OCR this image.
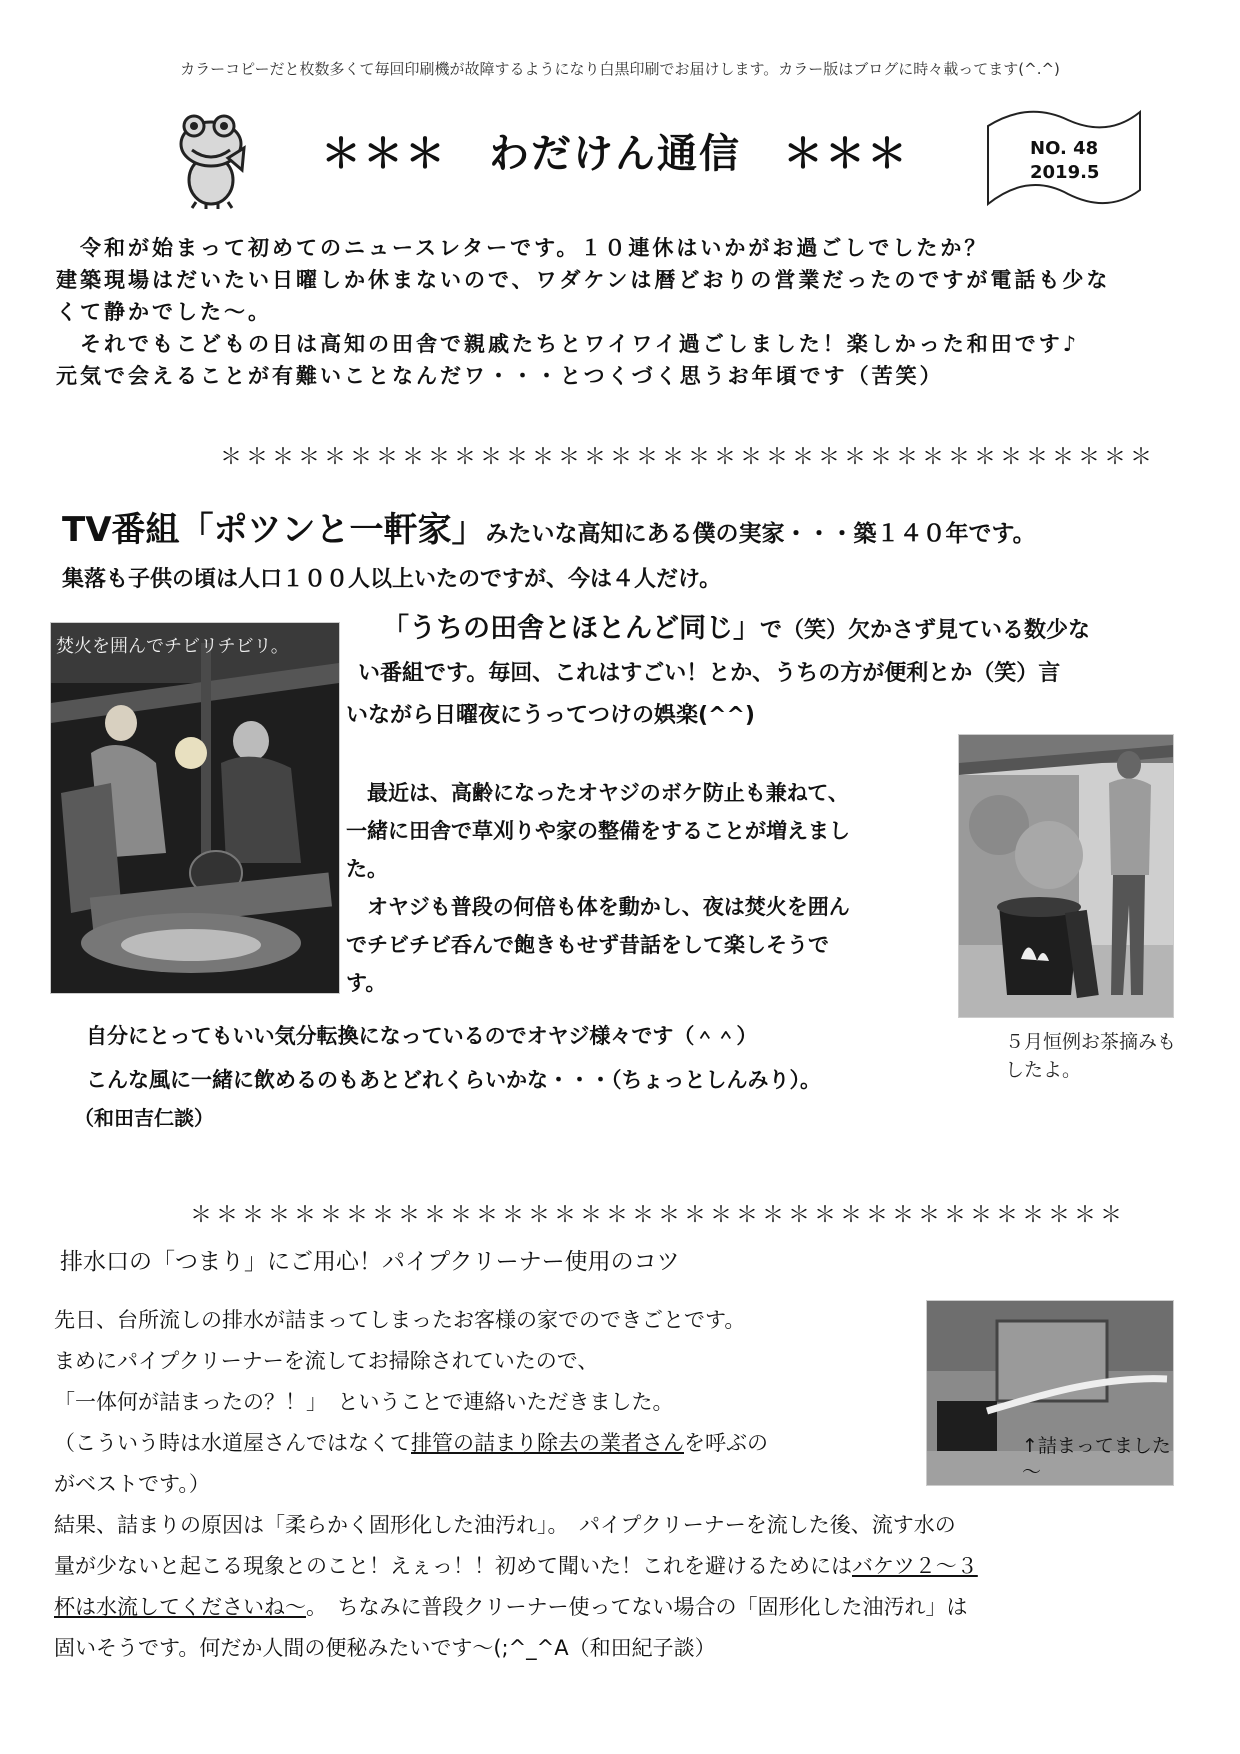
カラーコピーだと枚数多くて毎回印刷機が故障するようになり白黒印刷でお届けします。カラー版はブログに時々載ってます(^.^)
＊＊＊　わだけん通信　＊＊＊	NO. 48
2019.5
　令和が始まって初めてのニュースレターです。１０連休はいかがお過ごしでしたか？
建築現場はだいたい日曜しか休まないので、ワダケンは暦どおりの営業だったのですが電話も少な
くて静かでした～。
　それでもこどもの日は高知の田舎で親戚たちとワイワイ過ごしました！楽しかった和田です♪
元気で会えることが有難いことなんだワ・・・とつくづく思うお年頃です（苦笑）
＊＊＊＊＊＊＊＊＊＊＊＊＊＊＊＊＊＊＊＊＊＊＊＊＊＊＊＊＊＊＊＊＊＊＊＊
TV番組「ポツンと一軒家」みたいな高知にある僕の実家・・・築１４０年です。
集落も子供の頃は人口１００人以上いたのですが、今は４人だけ。
焚火を囲んでチビリチビリ。
「うちの田舎とほとんど同じ」で（笑）欠かさず見ている数少な
い番組です。毎回、これはすごい！とか、うちの方が便利とか（笑）言
いながら日曜夜にうってつけの娯楽(^^)
　最近は、高齢になったオヤジのボケ防止も兼ねて、
一緒に田舎で草刈りや家の整備をすることが増えまし
た。
　オヤジも普段の何倍も体を動かし、夜は焚火を囲ん
でチビチビ呑んで飽きもせず昔話をして楽しそうで
す。
自分にとってもいい気分転換になっているのでオヤジ様々です（＾＾）
こんな風に一緒に飲めるのもあとどれくらいかな・・・（ちょっとしんみり）。
（和田吉仁談）
５月恒例お茶摘みもしたよ。
＊＊＊＊＊＊＊＊＊＊＊＊＊＊＊＊＊＊＊＊＊＊＊＊＊＊＊＊＊＊＊＊＊＊＊＊
排水口の「つまり」にご用心！パイプクリーナー使用のコツ
先日、台所流しの排水が詰まってしまったお客様の家でのできごとです。
まめにパイプクリーナーを流してお掃除されていたので、
「一体何が詰まったの？！」　ということで連絡いただきました。
（こういう時は水道屋さんではなくて排管の詰まり除去の業者さんを呼ぶの
がベストです。）
結果、詰まりの原因は「柔らかく固形化した油汚れ」。　パイプクリーナーを流した後、流す水の
量が少ないと起こる現象とのこと！えぇっ！！初めて聞いた！これを避けるためにはバケツ２～３
杯は水流してくださいね～。　ちなみに普段クリーナー使ってない場合の「固形化した油汚れ」は
固いそうです。何だか人間の便秘みたいです～(;^_^A（和田紀子談）
↑詰まってました～
